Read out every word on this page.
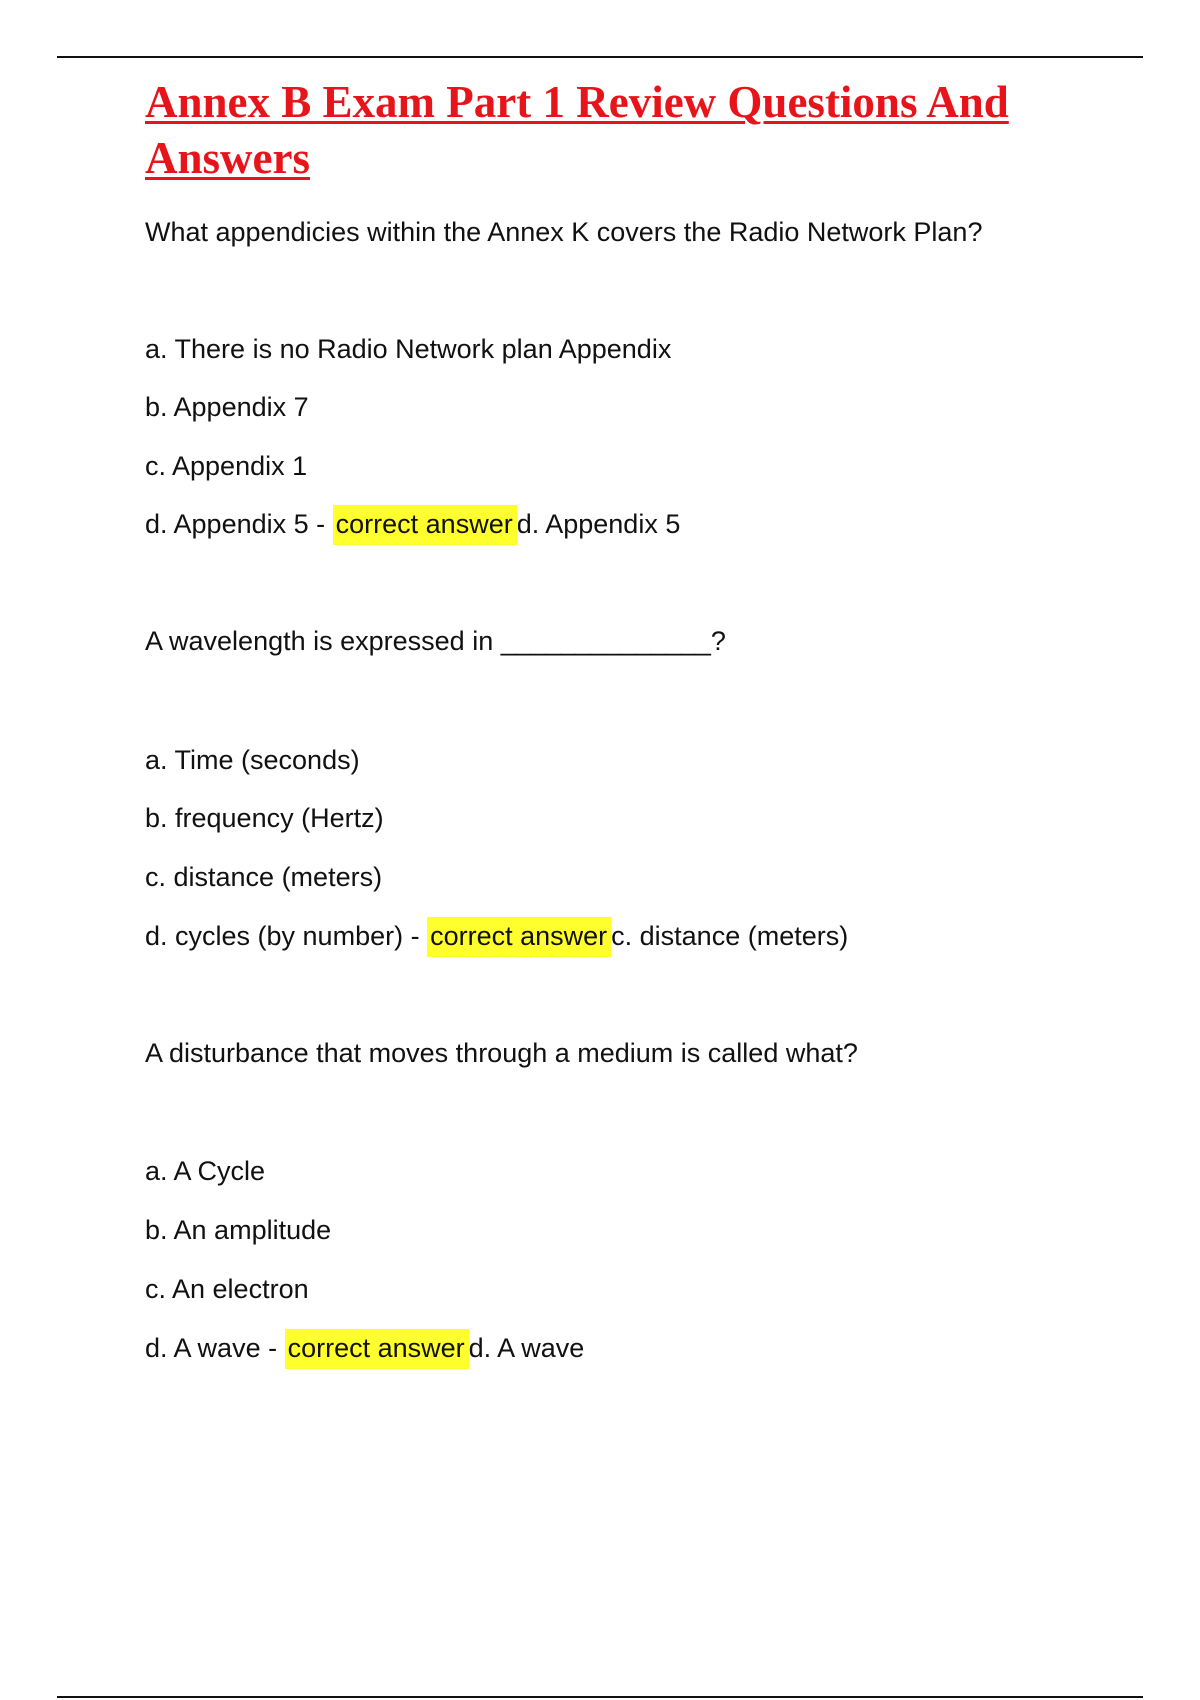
Annex B Exam Part 1 Review Questions And Answers

What appendicies within the Annex K covers the Radio Network Plan?

a. There is no Radio Network plan Appendix

b. Appendix 7

c. Appendix 1

d. Appendix 5 - correct answer d. Appendix 5

A wavelength is expressed in ______________?

a. Time (seconds)

b. frequency (Hertz)

c. distance (meters)

d. cycles (by number) - correct answer c. distance (meters)

A disturbance that moves through a medium is called what?

a. A Cycle

b. An amplitude

c. An electron

d. A wave - correct answer d. A wave
